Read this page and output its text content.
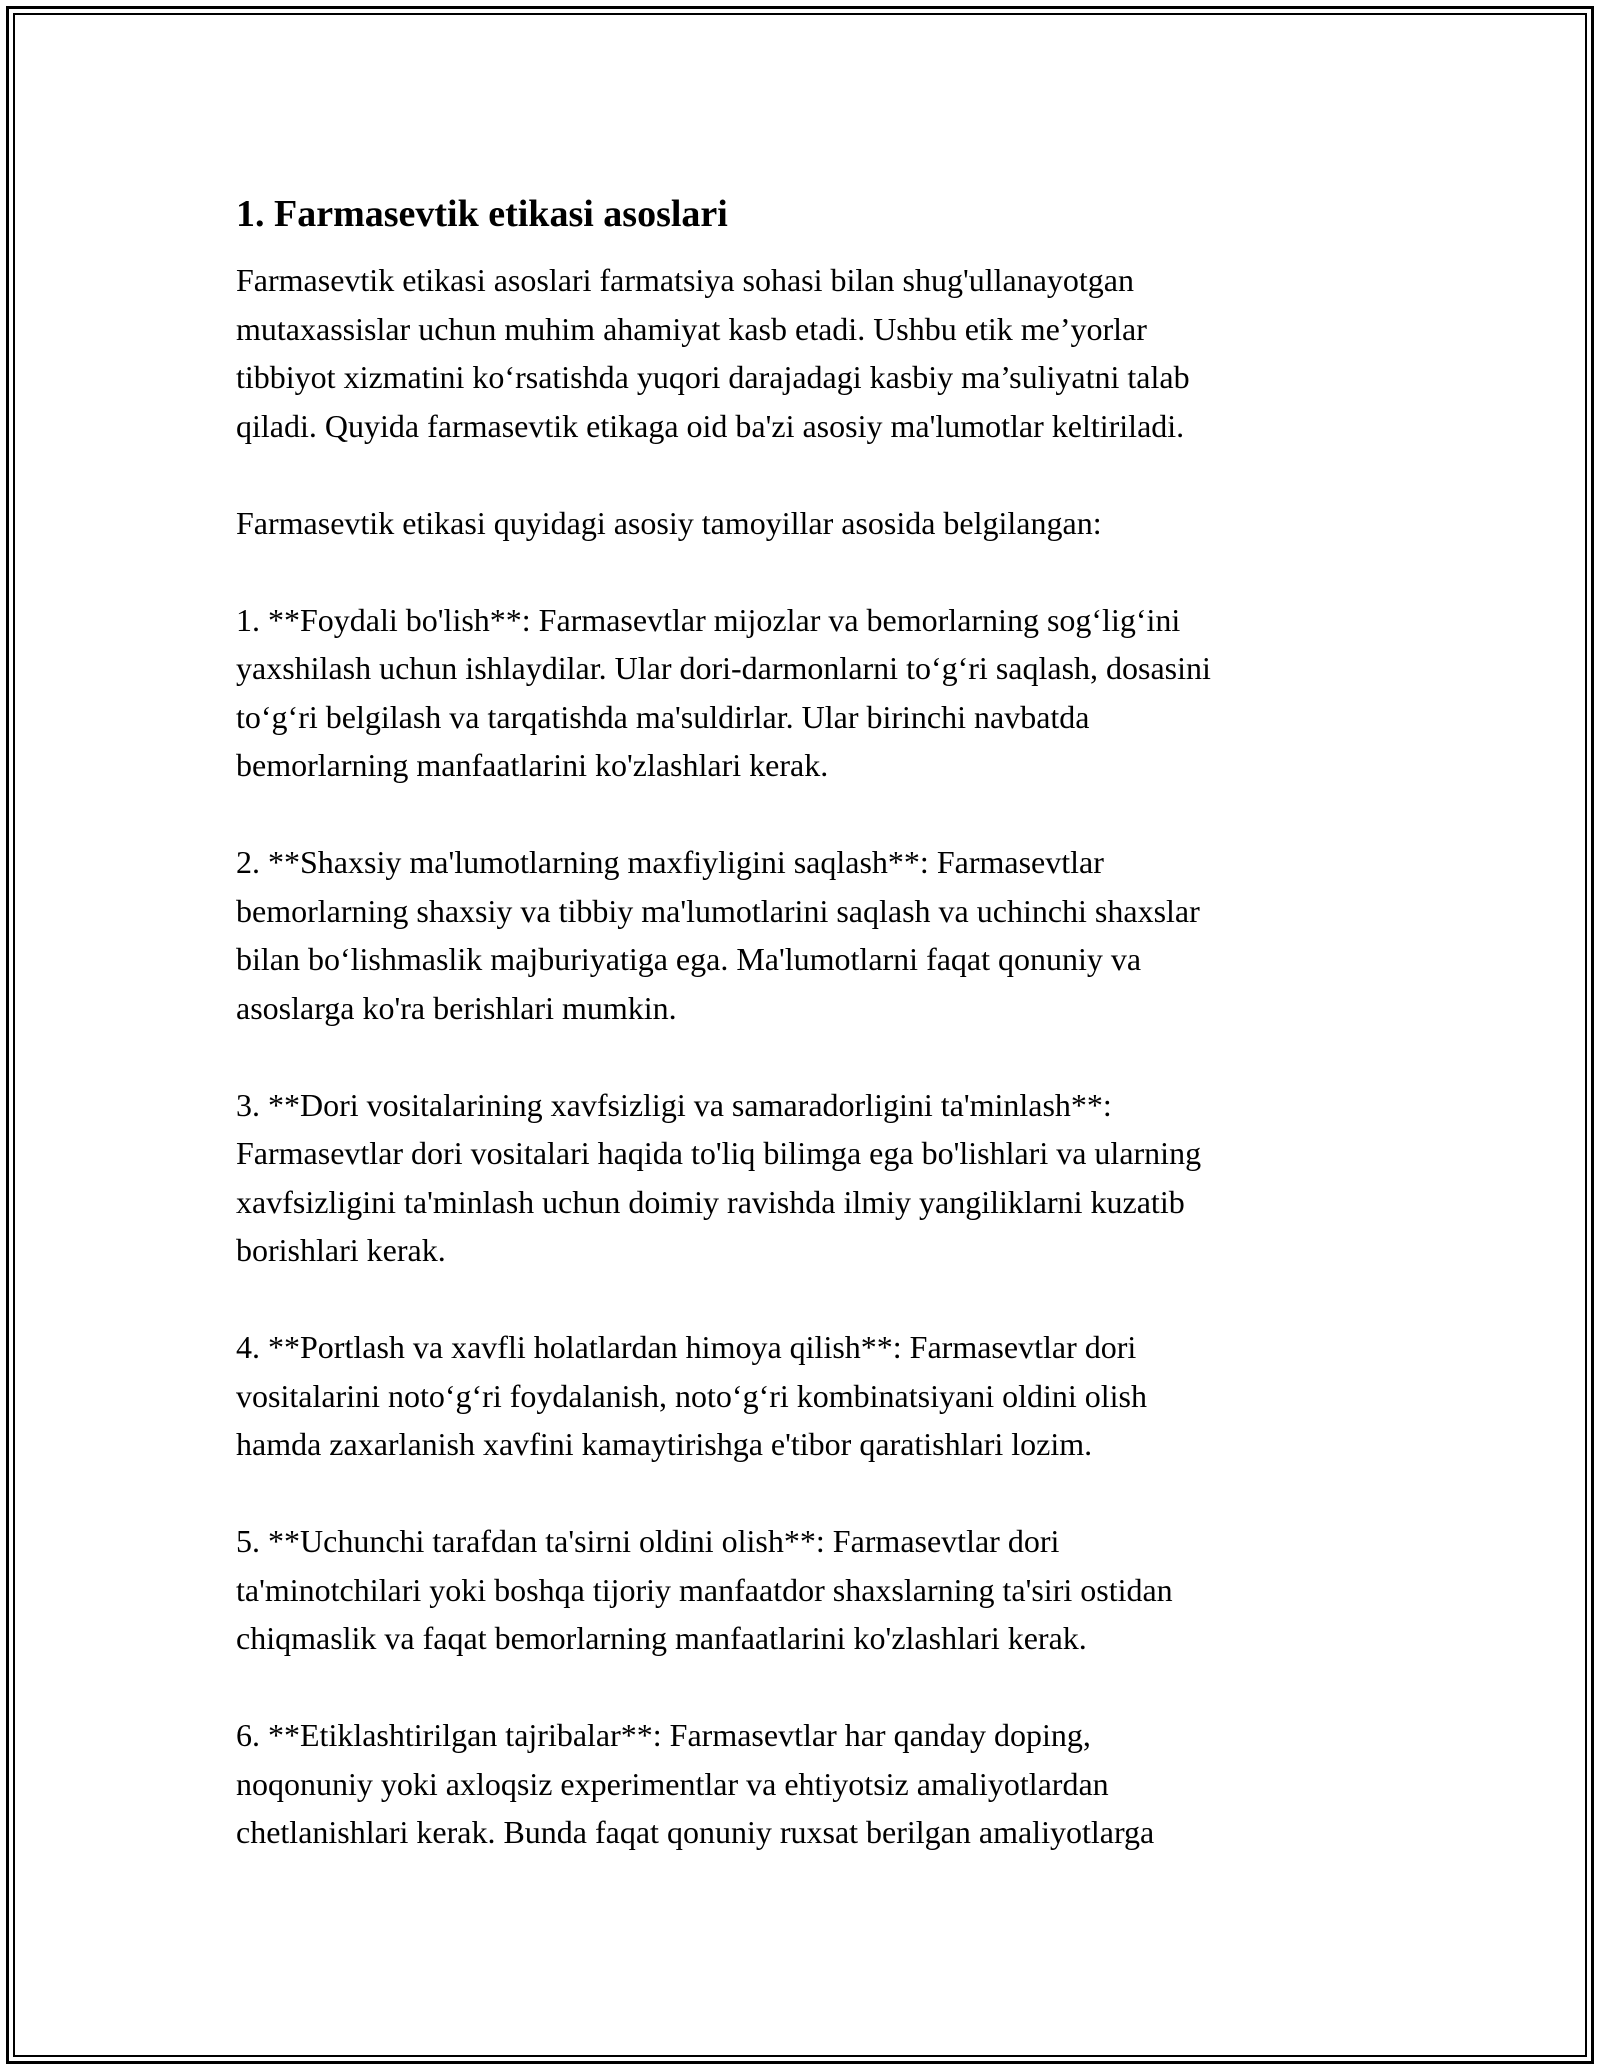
1. Farmasevtik etikasi asoslari

Farmasevtik etikasi asoslari farmatsiya sohasi bilan shug'ullanayotgan
mutaxassislar uchun muhim ahamiyat kasb etadi. Ushbu etik me’yorlar
tibbiyot xizmatini ko‘rsatishda yuqori darajadagi kasbiy ma’suliyatni talab
qiladi. Quyida farmasevtik etikaga oid ba'zi asosiy ma'lumotlar keltiriladi.

Farmasevtik etikasi quyidagi asosiy tamoyillar asosida belgilangan:

1. **Foydali bo'lish**: Farmasevtlar mijozlar va bemorlarning sog‘lig‘ini
yaxshilash uchun ishlaydilar. Ular dori-darmonlarni to‘g‘ri saqlash, dosasini
to‘g‘ri belgilash va tarqatishda ma'suldirlar. Ular birinchi navbatda
bemorlarning manfaatlarini ko'zlashlari kerak.

2. **Shaxsiy ma'lumotlarning maxfiyligini saqlash**: Farmasevtlar
bemorlarning shaxsiy va tibbiy ma'lumotlarini saqlash va uchinchi shaxslar
bilan bo‘lishmaslik majburiyatiga ega. Ma'lumotlarni faqat qonuniy va
asoslarga ko'ra berishlari mumkin.

3. **Dori vositalarining xavfsizligi va samaradorligini ta'minlash**:
Farmasevtlar dori vositalari haqida to'liq bilimga ega bo'lishlari va ularning
xavfsizligini ta'minlash uchun doimiy ravishda ilmiy yangiliklarni kuzatib
borishlari kerak.

4. **Portlash va xavfli holatlardan himoya qilish**: Farmasevtlar dori
vositalarini noto‘g‘ri foydalanish, noto‘g‘ri kombinatsiyani oldini olish
hamda zaxarlanish xavfini kamaytirishga e'tibor qaratishlari lozim.

5. **Uchunchi tarafdan ta'sirni oldini olish**: Farmasevtlar dori
ta'minotchilari yoki boshqa tijoriy manfaatdor shaxslarning ta'siri ostidan
chiqmaslik va faqat bemorlarning manfaatlarini ko'zlashlari kerak.

6. **Etiklashtirilgan tajribalar**: Farmasevtlar har qanday doping,
noqonuniy yoki axloqsiz experimentlar va ehtiyotsiz amaliyotlardan
chetlanishlari kerak. Bunda faqat qonuniy ruxsat berilgan amaliyotlarga
